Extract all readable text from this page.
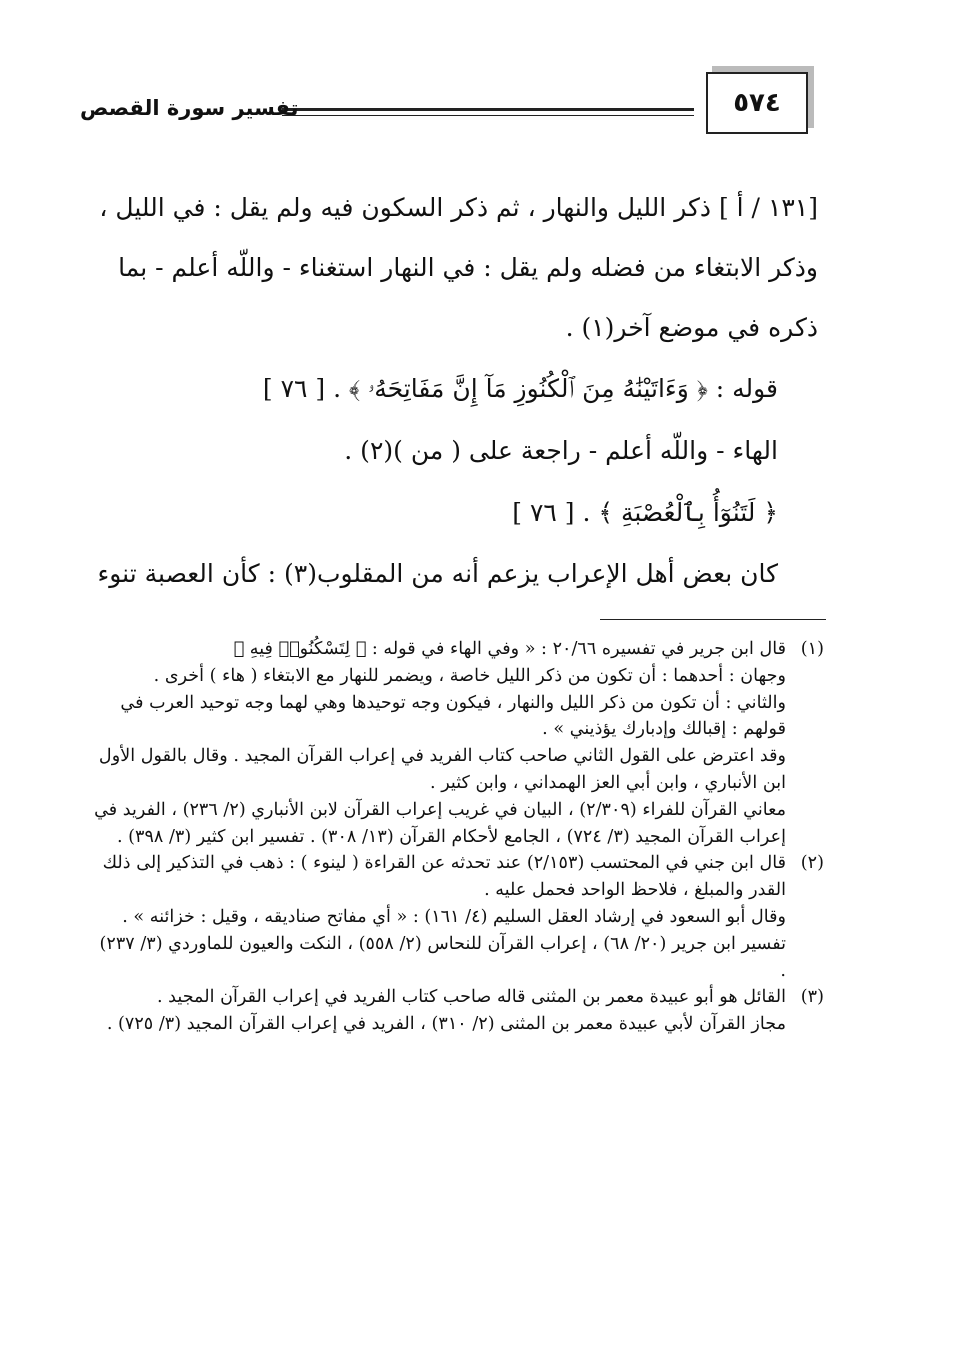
٥٧٤
تفسير سورة القصص

[١٣١ / أ ] ذكر الليل والنهار ، ثم ذكر السكون فيه ولم يقل : في الليل ، وذكر الابتغاء من فضله ولم يقل : في النهار استغناء - واللّه أعلم - بما ذكره في موضع آخر(١) .

قوله : ﴿ وَءَاتَيْنَٰهُ مِنَ ٱلْكُنُوزِ مَآ إِنَّ مَفَاتِحَهُۥ ﴾ . [ ٧٦ ]

الهاء - واللّه أعلم - راجعة على ( من )(٢) .

﴿ لَتَنُوٓأُ بِٱلْعُصْبَةِ ﴾ . [ ٧٦ ]

كان بعض أهل الإعراب يزعم أنه من المقلوب(٣) : كأن العصبة تنوء

(١)

قال ابن جرير في تفسيره ٢٠/٦٦ : « وفي الهاء في قوله : ﴿ لِتَسْكُنُوا۟ فِيهِ ﴾

وجهان : أحدهما : أن تكون من ذكر الليل خاصة ، ويضمر للنهار مع الابتغاء ( هاء ) أخرى .

والثاني : أن تكون من ذكر الليل والنهار ، فيكون وجه توحيدها وهي لهما وجه توحيد العرب في قولهم : إقبالك وإدبارك يؤذيني » .

وقد اعترض على القول الثاني صاحب كتاب الفريد في إعراب القرآن المجيد . وقال بالقول الأول ابن الأنباري ، وابن أبي العز الهمداني ، وابن كثير .

معاني القرآن للفراء (٢/٣٠٩) ، البيان في غريب إعراب القرآن لابن الأنباري (٢/ ٢٣٦) ، الفريد في إعراب القرآن المجيد (٣/ ٧٢٤) ، الجامع لأحكام القرآن (١٣/ ٣٠٨) . تفسير ابن كثير (٣/ ٣٩٨) .

(٢)

قال ابن جني في المحتسب (٢/١٥٣) عند تحدثه عن القراءة ( لينوء ) : ذهب في التذكير إلى ذلك القدر والمبلغ ، فلاحظ الواحد فحمل عليه .

وقال أبو السعود في إرشاد العقل السليم (٤/ ١٦١) : « أي مفاتح صناديقه ، وقيل : خزائنه » .

تفسير ابن جرير (٢٠/ ٦٨) ، إعراب القرآن للنحاس (٢/ ٥٥٨) ، النكت والعيون للماوردي (٣/ ٢٣٧) .

(٣)

القائل هو أبو عبيدة معمر بن المثنى قاله صاحب كتاب الفريد في إعراب القرآن المجيد .

مجاز القرآن لأبي عبيدة معمر بن المثنى (٢/ ٣١٠) ، الفريد في إعراب القرآن المجيد (٣/ ٧٢٥) .
